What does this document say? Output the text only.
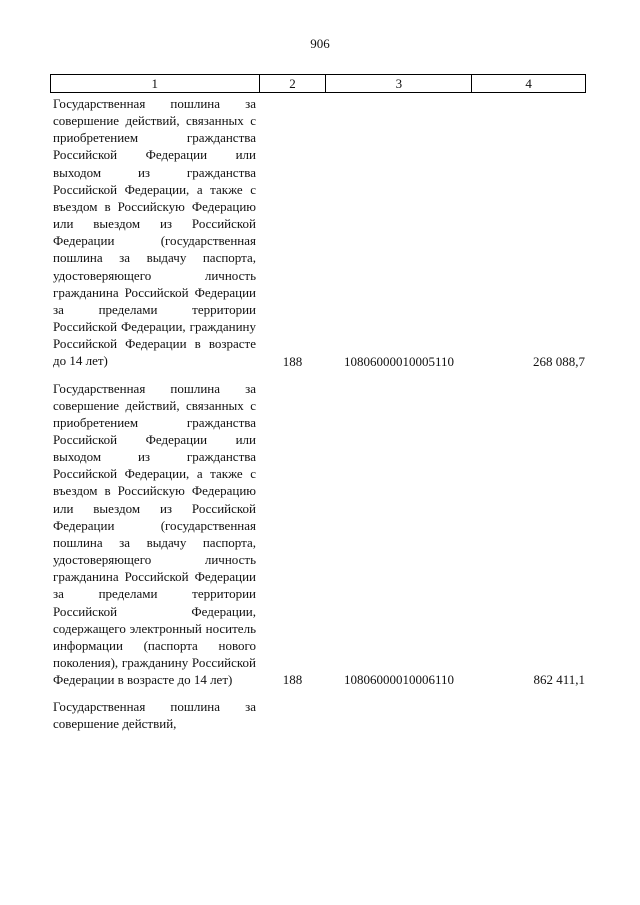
906
1	2	3	4
Государственная пошлина за совершение действий, связанных с приобретением гражданства Российской Федерации или выходом из гражданства Российской Федерации, а также с въездом в Российскую Федерацию или выездом из Российской Федерации (государственная пошлина за выдачу паспорта, удостоверяющего личность гражданина Российской Федерации за пределами территории Российской Федерации, гражданину Российской Федерации в возрасте до 14 лет)	188	10806000010005110	268 088,7
Государственная пошлина за совершение действий, связанных с приобретением гражданства Российской Федерации или выходом из гражданства Российской Федерации, а также с въездом в Российскую Федерацию или выездом из Российской Федерации (государственная пошлина за выдачу паспорта, удостоверяющего личность гражданина Российской Федерации за пределами территории Российской Федерации, содержащего электронный носитель информации (паспорта нового поколения), гражданину Российской Федерации в возрасте до 14 лет)	188	10806000010006110	862 411,1
Государственная пошлина за совершение действий,
